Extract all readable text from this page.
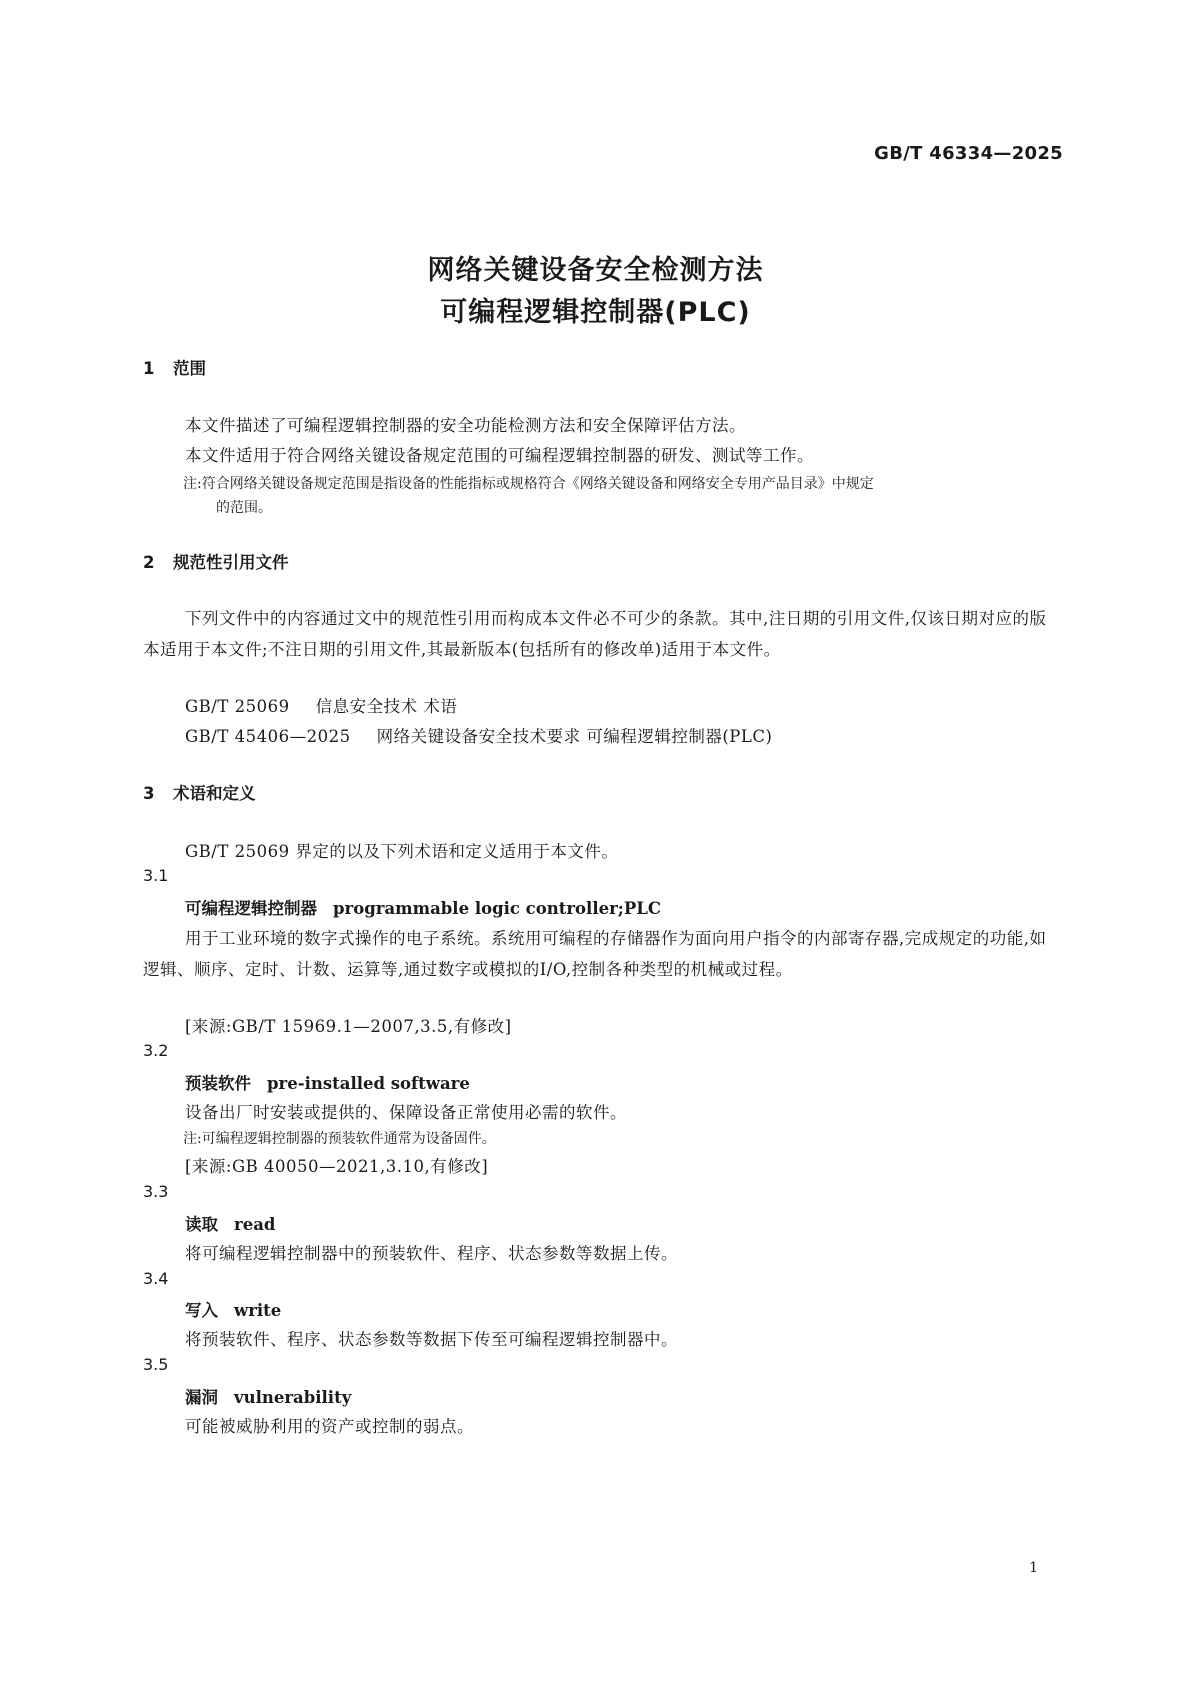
GB/T 46334—2025
网络关键设备安全检测方法
可编程逻辑控制器(PLC)
1 范围
本文件描述了可编程逻辑控制器的安全功能检测方法和安全保障评估方法。
本文件适用于符合网络关键设备规定范围的可编程逻辑控制器的研发、测试等工作。
注:符合网络关键设备规定范围是指设备的性能指标或规格符合《网络关键设备和网络安全专用产品目录》中规定
的范围。
2 规范性引用文件
下列文件中的内容通过文中的规范性引用而构成本文件必不可少的条款。其中,注日期的引用文件,仅该日期对应的版本适用于本文件;不注日期的引用文件,其最新版本(包括所有的修改单)适用于本文件。
GB/T 25069 信息安全技术 术语
GB/T 45406—2025 网络关键设备安全技术要求 可编程逻辑控制器(PLC)
3 术语和定义
GB/T 25069 界定的以及下列术语和定义适用于本文件。
3.1
可编程逻辑控制器 programmable logic controller;PLC
用于工业环境的数字式操作的电子系统。系统用可编程的存储器作为面向用户指令的内部寄存器,完成规定的功能,如逻辑、顺序、定时、计数、运算等,通过数字或模拟的I/O,控制各种类型的机械或过程。
[来源:GB/T 15969.1—2007,3.5,有修改]
3.2
预装软件 pre-installed software
设备出厂时安装或提供的、保障设备正常使用必需的软件。
注:可编程逻辑控制器的预装软件通常为设备固件。
[来源:GB 40050—2021,3.10,有修改]
3.3
读取 read
将可编程逻辑控制器中的预装软件、程序、状态参数等数据上传。
3.4
写入 write
将预装软件、程序、状态参数等数据下传至可编程逻辑控制器中。
3.5
漏洞 vulnerability
可能被威胁利用的资产或控制的弱点。
1
